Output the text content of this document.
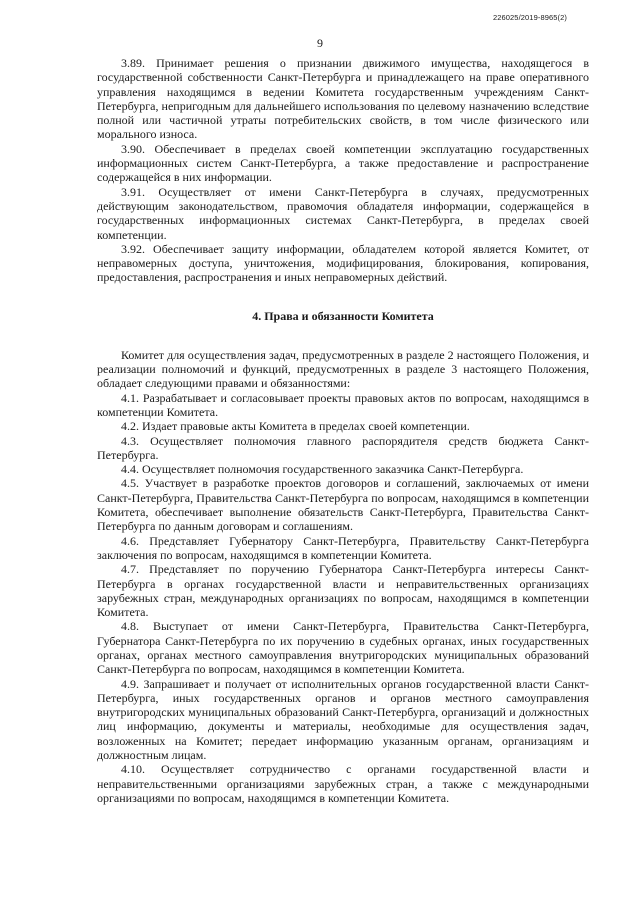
226025/2019-8965(2)
9

3.89. Принимает решения о признании движимого имущества, находящегося в государственной собственности Санкт-Петербурга и принадлежащего на праве оперативного управления находящимся в ведении Комитета государственным учреждениям Санкт-Петербурга, непригодным для дальнейшего использования по целевому назначению вследствие полной или частичной утраты потребительских свойств, в том числе физического или морального износа.

3.90. Обеспечивает в пределах своей компетенции эксплуатацию государственных информационных систем Санкт-Петербурга, а также предоставление и распространение содержащейся в них информации.

3.91. Осуществляет от имени Санкт-Петербурга в случаях, предусмотренных действующим законодательством, правомочия обладателя информации, содержащейся в государственных информационных системах Санкт-Петербурга, в пределах своей компетенции.

3.92. Обеспечивает защиту информации, обладателем которой является Комитет, от неправомерных доступа, уничтожения, модифицирования, блокирования, копирования, предоставления, распространения и иных неправомерных действий.

4. Права и обязанности Комитета

Комитет для осуществления задач, предусмотренных в разделе 2 настоящего Положения, и реализации полномочий и функций, предусмотренных в разделе 3 настоящего Положения, обладает следующими правами и обязанностями:

4.1. Разрабатывает и согласовывает проекты правовых актов по вопросам, находящимся в компетенции Комитета.

4.2. Издает правовые акты Комитета в пределах своей компетенции.

4.3. Осуществляет полномочия главного распорядителя средств бюджета Санкт-Петербурга.

4.4. Осуществляет полномочия государственного заказчика Санкт-Петербурга.

4.5. Участвует в разработке проектов договоров и соглашений, заключаемых от имени Санкт-Петербурга, Правительства Санкт-Петербурга по вопросам, находящимся в компетенции Комитета, обеспечивает выполнение обязательств Санкт-Петербурга, Правительства Санкт-Петербурга по данным договорам и соглашениям.

4.6. Представляет Губернатору Санкт-Петербурга, Правительству Санкт-Петербурга заключения по вопросам, находящимся в компетенции Комитета.

4.7. Представляет по поручению Губернатора Санкт-Петербурга интересы Санкт-Петербурга в органах государственной власти и неправительственных организациях зарубежных стран, международных организациях по вопросам, находящимся в компетенции Комитета.

4.8. Выступает от имени Санкт-Петербурга, Правительства Санкт-Петербурга, Губернатора Санкт-Петербурга по их поручению в судебных органах, иных государственных органах, органах местного самоуправления внутригородских муниципальных образований Санкт-Петербурга по вопросам, находящимся в компетенции Комитета.

4.9. Запрашивает и получает от исполнительных органов государственной власти Санкт-Петербурга, иных государственных органов и органов местного самоуправления внутригородских муниципальных образований Санкт-Петербурга, организаций и должностных лиц информацию, документы и материалы, необходимые для осуществления задач, возложенных на Комитет; передает информацию указанным органам, организациям и должностным лицам.

4.10. Осуществляет сотрудничество с органами государственной власти и неправительственными организациями зарубежных стран, а также с международными организациями по вопросам, находящимся в компетенции Комитета.
